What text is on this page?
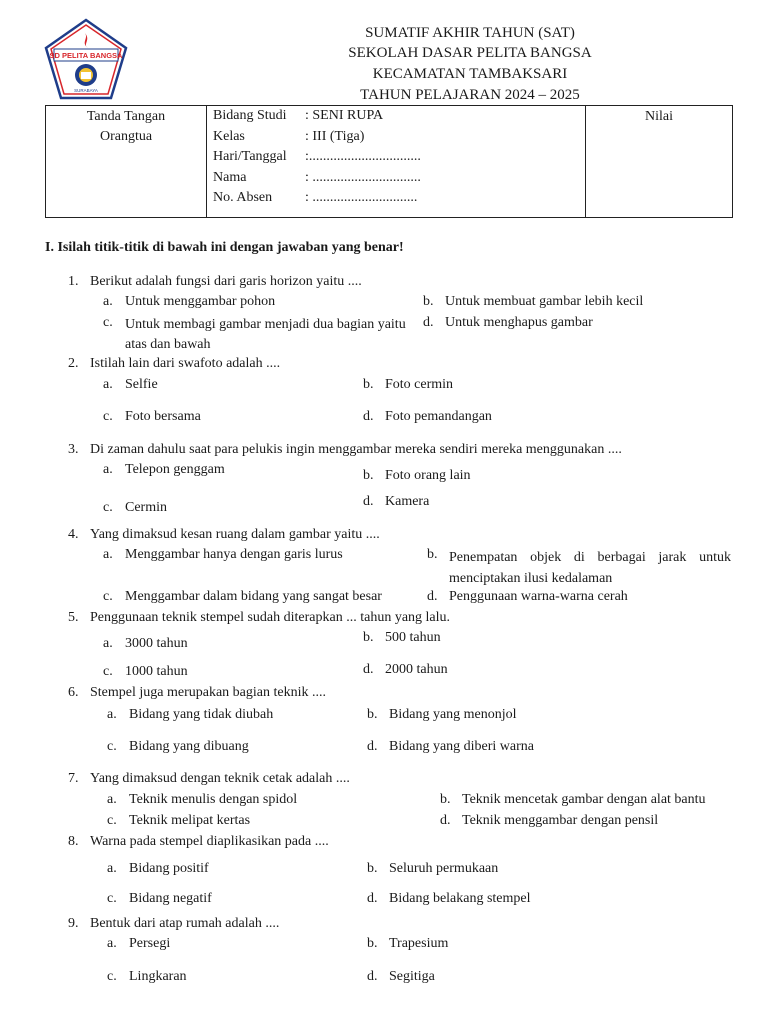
SD PELITA BANGSA
SURABAYA
SUMATIF AKHIR TAHUN (SAT)
SEKOLAH DASAR PELITA BANGSA
KECAMATAN TAMBAKSARI
TAHUN PELAJARAN 2024 – 2025
Tanda Tangan
Orangtua

Bidang Studi	: SENI RUPA
Kelas	: III (Tiga)
Hari/Tanggal	:................................
Nama	: ...............................
No. Absen	: ..............................

Nilai
I. Isilah titik-titik di bawah ini dengan jawaban yang benar!
1. Berikut adalah fungsi dari garis horizon yaitu ....
a. Untuk menggambar pohon	b. Untuk membuat gambar lebih kecil
c. Untuk membagi gambar menjadi dua bagian yaitu atas dan bawah
d. Untuk menghapus gambar
2. Istilah lain dari swafoto adalah ....
a. Selfie	b. Foto cermin
c. Foto bersama	d. Foto pemandangan
3. Di zaman dahulu saat para pelukis ingin menggambar mereka sendiri mereka menggunakan ....
a. Telepon genggam	b. Foto orang lain
c. Cermin	d. Kamera
4. Yang dimaksud kesan ruang dalam gambar yaitu ....
a. Menggambar hanya dengan garis lurus	b. Penempatan objek di berbagai jarak untuk menciptakan ilusi kedalaman
c. Menggambar dalam bidang yang sangat besar	d. Penggunaan warna-warna cerah
5. Penggunaan teknik stempel sudah diterapkan ... tahun yang lalu.
a. 3000 tahun	b. 500 tahun
c. 1000 tahun	d. 2000 tahun
6. Stempel juga merupakan bagian teknik ....
a. Bidang yang tidak diubah	b. Bidang yang menonjol
c. Bidang yang dibuang	d. Bidang yang diberi warna
7. Yang dimaksud dengan teknik cetak adalah ....
a. Teknik menulis dengan spidol	b. Teknik mencetak gambar dengan alat bantu
c. Teknik melipat kertas	d. Teknik menggambar dengan pensil
8. Warna pada stempel diaplikasikan pada ....
a. Bidang positif	b. Seluruh permukaan
c. Bidang negatif	d. Bidang belakang stempel
9. Bentuk dari atap rumah adalah ....
a. Persegi	b. Trapesium
c. Lingkaran	d. Segitiga
